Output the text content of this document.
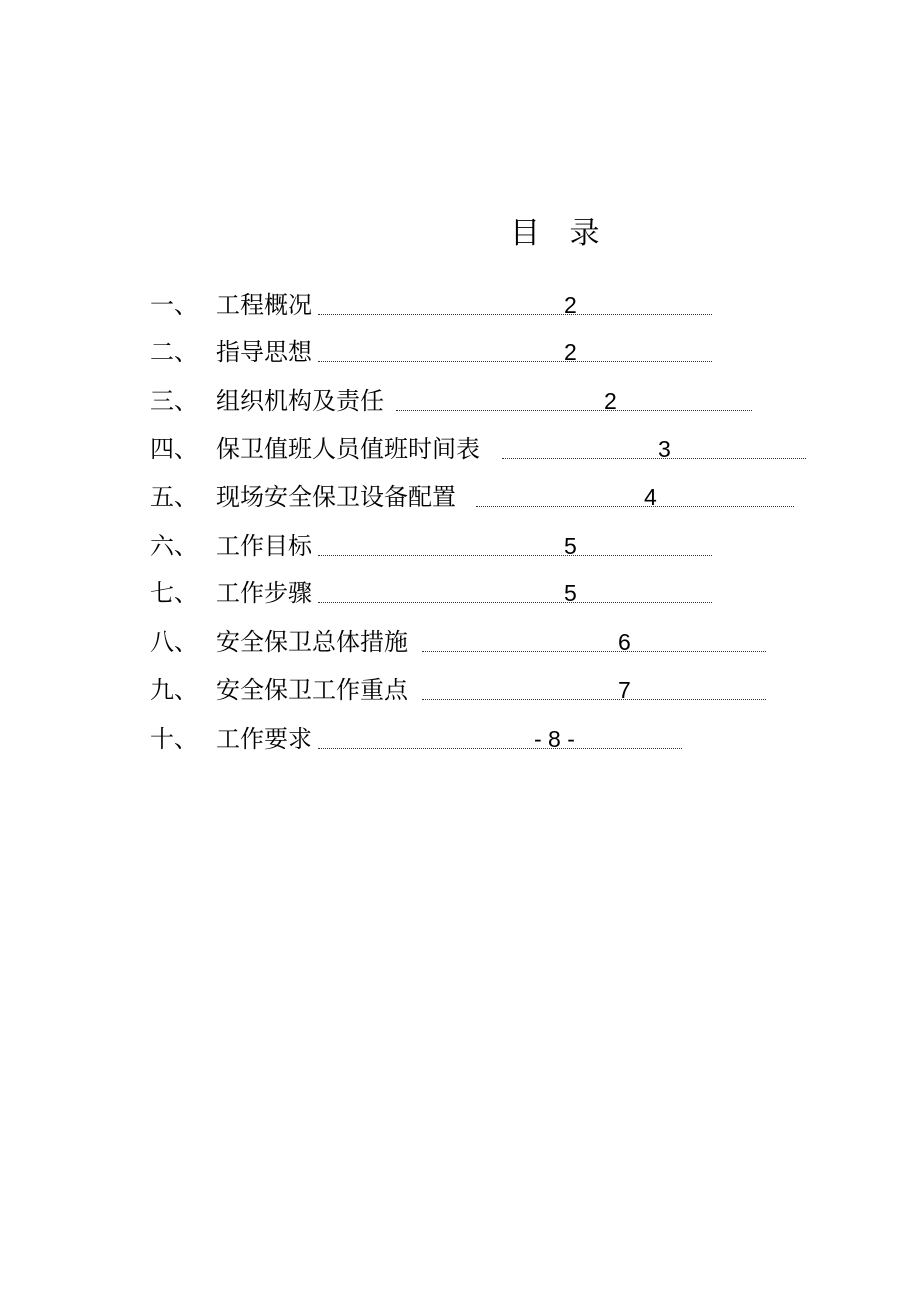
目 录
一、 工程概况	2
二、 指导思想	2
三、 组织机构及责任	2
四、 保卫值班人员值班时间表	3
五、 现场安全保卫设备配置	4
六、 工作目标	5
七、 工作步骤	5
八、 安全保卫总体措施	6
九、 安全保卫工作重点	7
十、 工作要求	- 8 -
